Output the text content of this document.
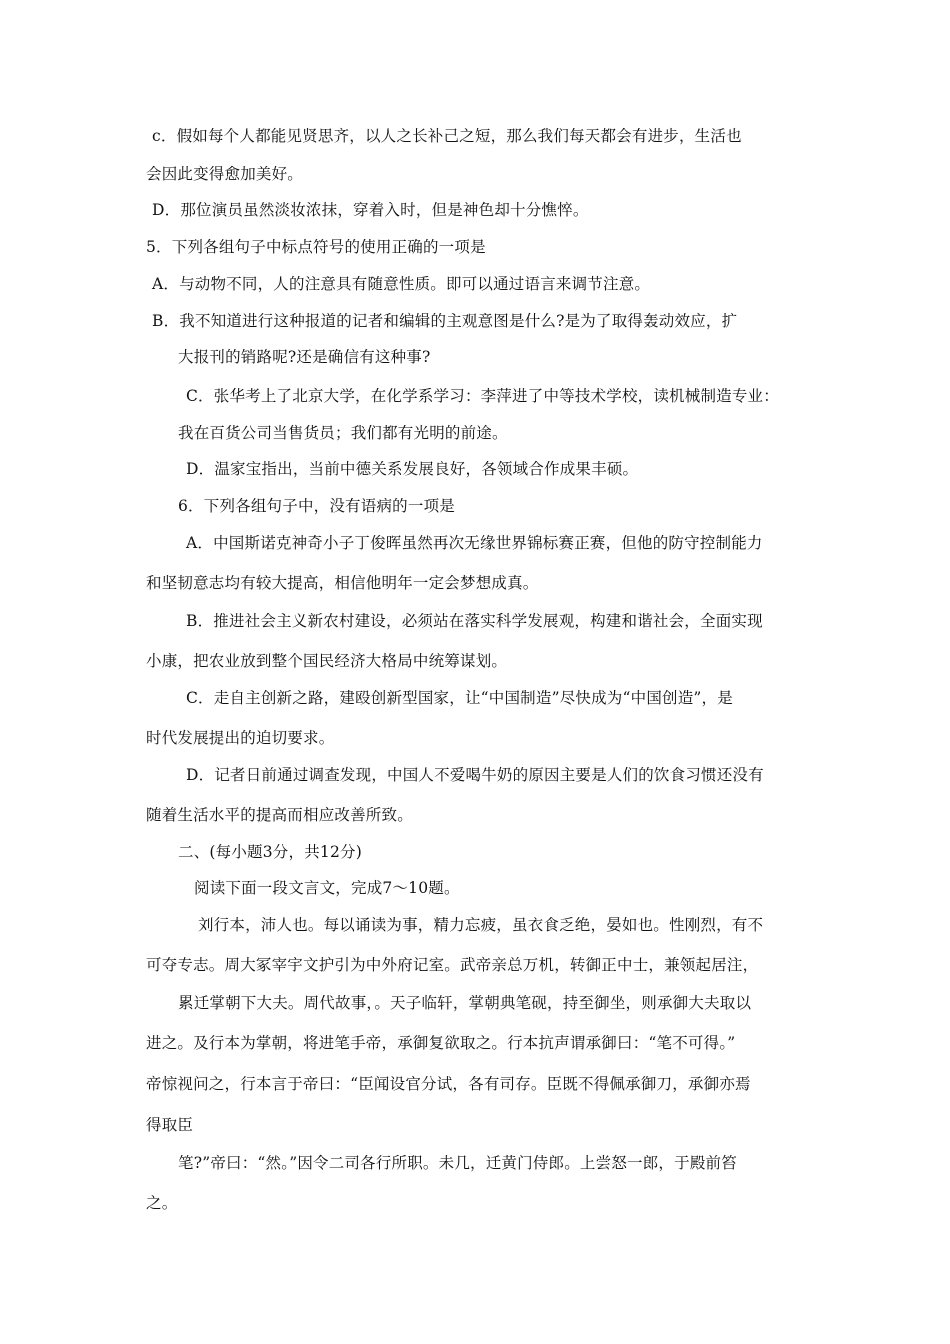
c．假如每个人都能见贤思齐，以人之长补己之短，那么我们每天都会有进步，生活也
会因此变得愈加美好。
D．那位演员虽然淡妆浓抹，穿着入时，但是神色却十分憔悴。
5．下列各组句子中标点符号的使用正确的一项是
A．与动物不同，人的注意具有随意性质。即可以通过语言来调节注意。
B．我不知道进行这种报道的记者和编辑的主观意图是什么?是为了取得轰动效应，扩
大报刊的销路呢?还是确信有这种事?
C．张华考上了北京大学，在化学系学习：李萍进了中等技术学校，读机械制造专业：
我在百货公司当售货员；我们都有光明的前途。
D．温家宝指出，当前中德关系发展良好，各领域合作成果丰硕。
6．下列各组句子中，没有语病的一项是
A．中国斯诺克神奇小子丁俊晖虽然再次无缘世界锦标赛正赛，但他的防守控制能力
和坚韧意志均有较大提高，相信他明年一定会梦想成真。
B．推进社会主义新农村建设，必须站在落实科学发展观，构建和谐社会，全面实现
小康，把农业放到整个国民经济大格局中统筹谋划。
C．走自主创新之路，建殴创新型国家，让“中国制造”尽快成为“中国创造”，是
时代发展提出的迫切要求。
D．记者日前通过调查发现，中国人不爱喝牛奶的原因主要是人们的饮食习惯还没有
随着生活水平的提高而相应改善所致。
二、(每小题3分，共12分)
阅读下面一段文言文，完成7～10题。
刘行本，沛人也。每以诵读为事，精力忘疲，虽衣食乏绝，晏如也。性刚烈，有不
可夺专志。周大冢宰宇文护引为中外府记室。武帝亲总万机，转御正中士，兼领起居注，
累迁掌朝下大夫。周代故事，。天子临轩，掌朝典笔砚，持至御坐，则承御大夫取以
进之。及行本为掌朝，将进笔手帝，承御复欲取之。行本抗声谓承御曰：“笔不可得。”
帝惊视问之，行本言于帝曰：“臣闻设官分试，各有司存。臣既不得佩承御刀，承御亦焉
得取臣
笔?”帝曰：“然。”因令二司各行所职。未几，迁黄门侍郎。上尝怒一郎，于殿前笞
之。
